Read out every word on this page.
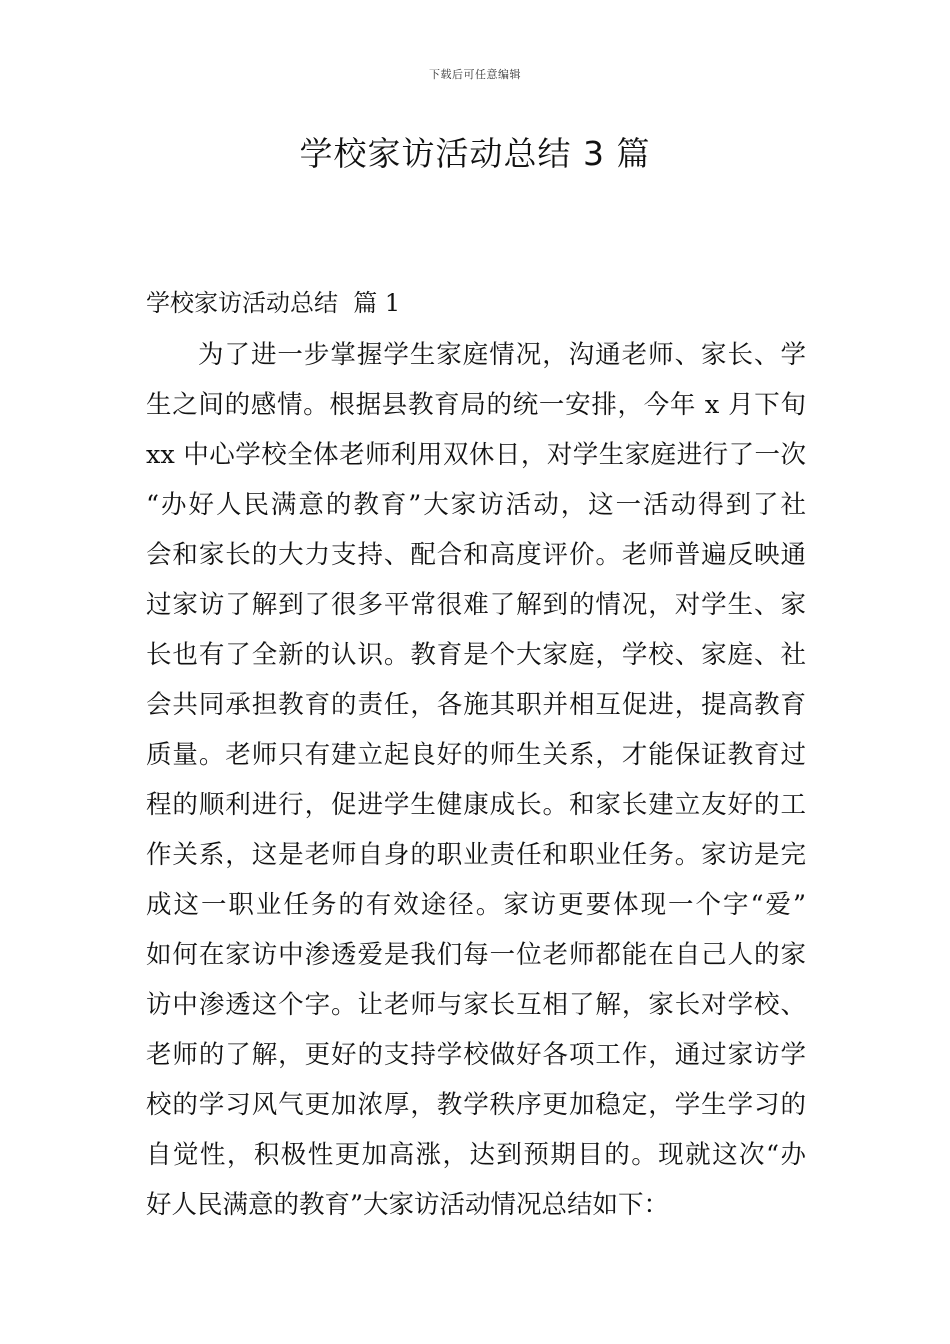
下载后可任意编辑
学校家访活动总结 3 篇
学校家访活动总结  篇 1
为了进一步掌握学生家庭情况，沟通老师、家长、学
生之间的感情。根据县教育局的统一安排，今年 x 月下旬
xx 中心学校全体老师利用双休日，对学生家庭进行了一次
“办好人民满意的教育”大家访活动，这一活动得到了社
会和家长的大力支持、配合和高度评价。老师普遍反映通
过家访了解到了很多平常很难了解到的情况，对学生、家
长也有了全新的认识。教育是个大家庭，学校、家庭、社
会共同承担教育的责任，各施其职并相互促进，提高教育
质量。老师只有建立起良好的师生关系，才能保证教育过
程的顺利进行，促进学生健康成长。和家长建立友好的工
作关系，这是老师自身的职业责任和职业任务。家访是完
成这一职业任务的有效途径。家访更要体现一个字“爱”
如何在家访中渗透爱是我们每一位老师都能在自己人的家
访中渗透这个字。让老师与家长互相了解，家长对学校、
老师的了解，更好的支持学校做好各项工作，通过家访学
校的学习风气更加浓厚，教学秩序更加稳定，学生学习的
自觉性，积极性更加高涨，达到预期目的。现就这次“办
好人民满意的教育”大家访活动情况总结如下：
